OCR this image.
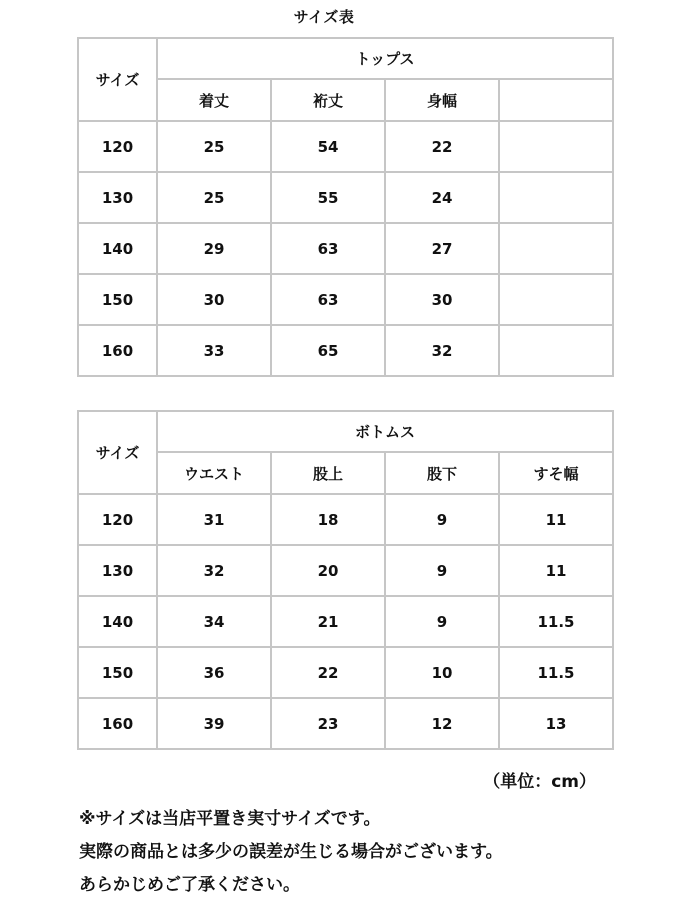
サイズ表
サイズ	トップス			
	着丈	裄丈	身幅	
120	25	54	22	
130	25	55	24	
140	29	63	27	
150	30	63	30	
160	33	65	32	
サイズ	ボトムス			
	ウエスト	股上	股下	すそ幅
120	31	18	9	11
130	32	20	9	11
140	34	21	9	11.5
150	36	22	10	11.5
160	39	23	12	13
（単位：cm）

※サイズは当店平置き実寸サイズです。

実際の商品とは多少の誤差が生じる場合がございます。

あらかじめご了承ください。
